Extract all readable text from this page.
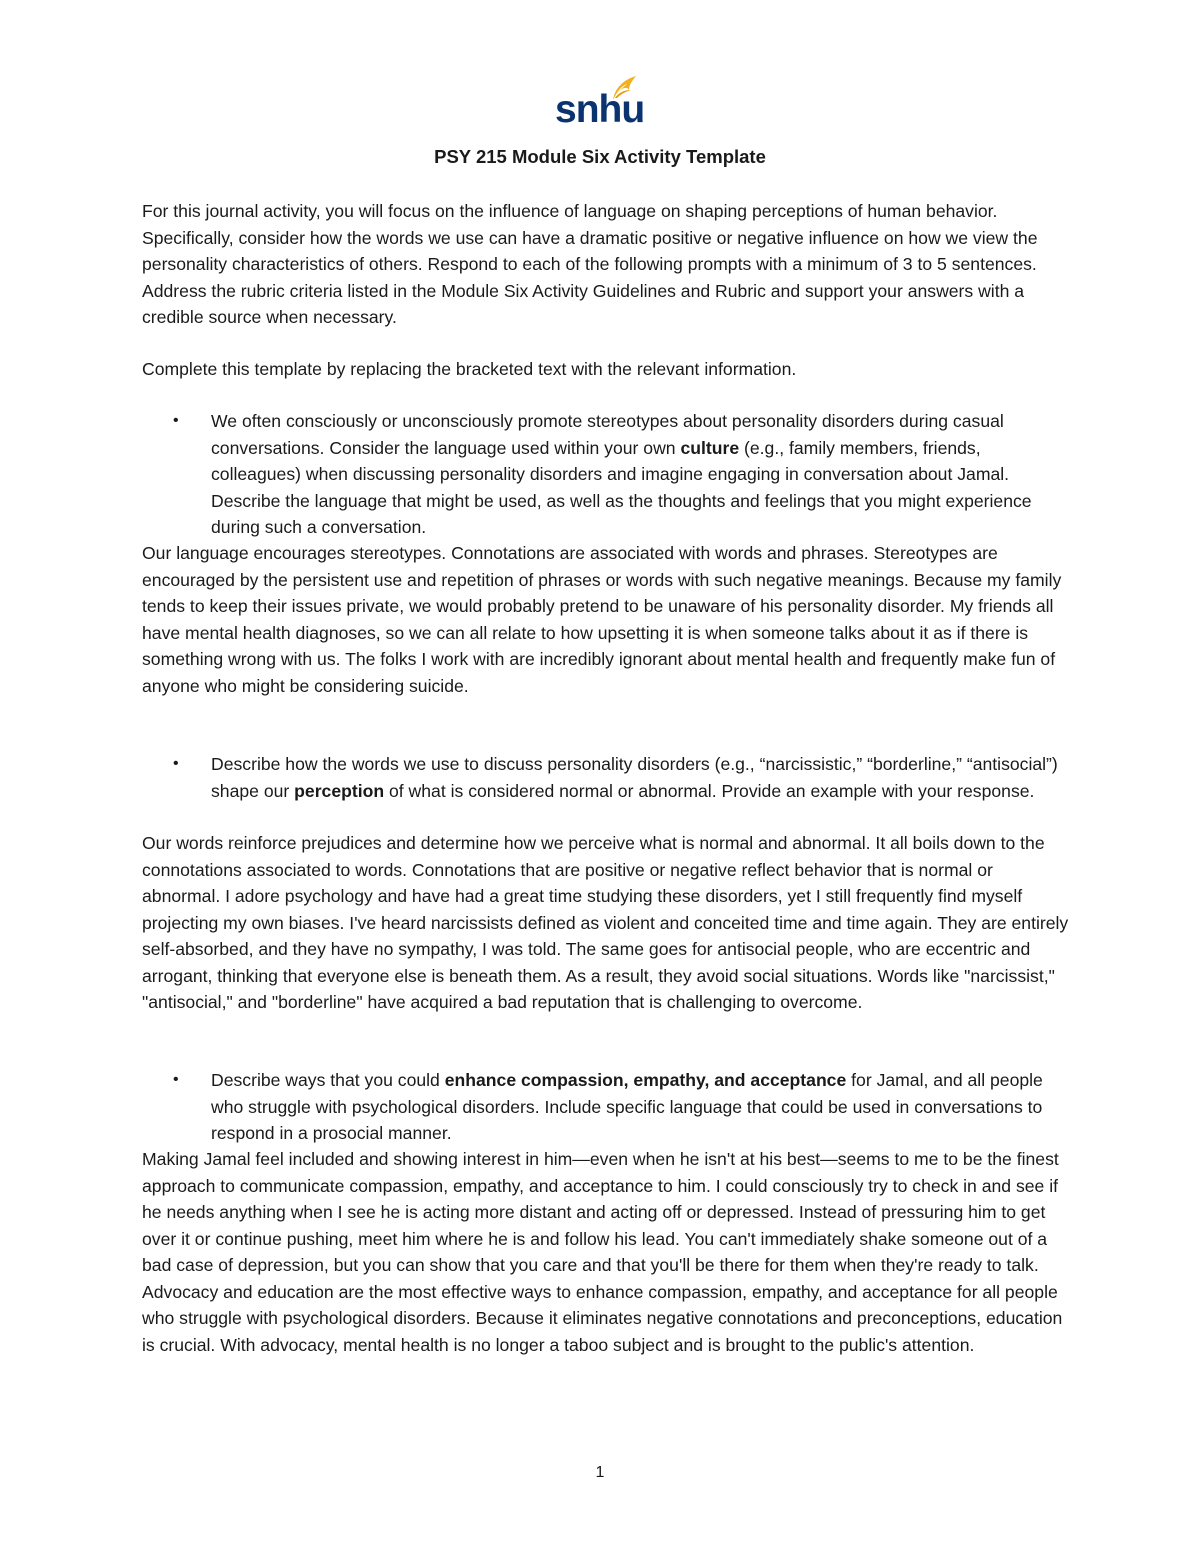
snhu
PSY 215 Module Six Activity Template

For this journal activity, you will focus on the influence of language on shaping perceptions of human behavior. Specifically, consider how the words we use can have a dramatic positive or negative influence on how we view the personality characteristics of others. Respond to each of the following prompts with a minimum of 3 to 5 sentences. Address the rubric criteria listed in the Module Six Activity Guidelines and Rubric and support your answers with a credible source when necessary.

Complete this template by replacing the bracketed text with the relevant information.

•	We often consciously or unconsciously promote stereotypes about personality disorders during casual conversations. Consider the language used within your own culture (e.g., family members, friends, colleagues) when discussing personality disorders and imagine engaging in conversation about Jamal. Describe the language that might be used, as well as the thoughts and feelings that you might experience during such a conversation.

Our language encourages stereotypes. Connotations are associated with words and phrases. Stereotypes are encouraged by the persistent use and repetition of phrases or words with such negative meanings. Because my family tends to keep their issues private, we would probably pretend to be unaware of his personality disorder. My friends all have mental health diagnoses, so we can all relate to how upsetting it is when someone talks about it as if there is something wrong with us. The folks I work with are incredibly ignorant about mental health and frequently make fun of anyone who might be considering suicide.

•	Describe how the words we use to discuss personality disorders (e.g., “narcissistic,” “borderline,” “antisocial”) shape our perception of what is considered normal or abnormal. Provide an example with your response.

Our words reinforce prejudices and determine how we perceive what is normal and abnormal. It all boils down to the connotations associated to words. Connotations that are positive or negative reflect behavior that is normal or abnormal. I adore psychology and have had a great time studying these disorders, yet I still frequently find myself projecting my own biases. I've heard narcissists defined as violent and conceited time and time again. They are entirely self-absorbed, and they have no sympathy, I was told. The same goes for antisocial people, who are eccentric and arrogant, thinking that everyone else is beneath them. As a result, they avoid social situations. Words like "narcissist," "antisocial," and "borderline" have acquired a bad reputation that is challenging to overcome.

•	Describe ways that you could enhance compassion, empathy, and acceptance for Jamal, and all people who struggle with psychological disorders. Include specific language that could be used in conversations to respond in a prosocial manner.

Making Jamal feel included and showing interest in him—even when he isn't at his best—seems to me to be the finest approach to communicate compassion, empathy, and acceptance to him. I could consciously try to check in and see if he needs anything when I see he is acting more distant and acting off or depressed. Instead of pressuring him to get over it or continue pushing, meet him where he is and follow his lead. You can't immediately shake someone out of a bad case of depression, but you can show that you care and that you'll be there for them when they're ready to talk. Advocacy and education are the most effective ways to enhance compassion, empathy, and acceptance for all people who struggle with psychological disorders. Because it eliminates negative connotations and preconceptions, education is crucial. With advocacy, mental health is no longer a taboo subject and is brought to the public's attention.

1
